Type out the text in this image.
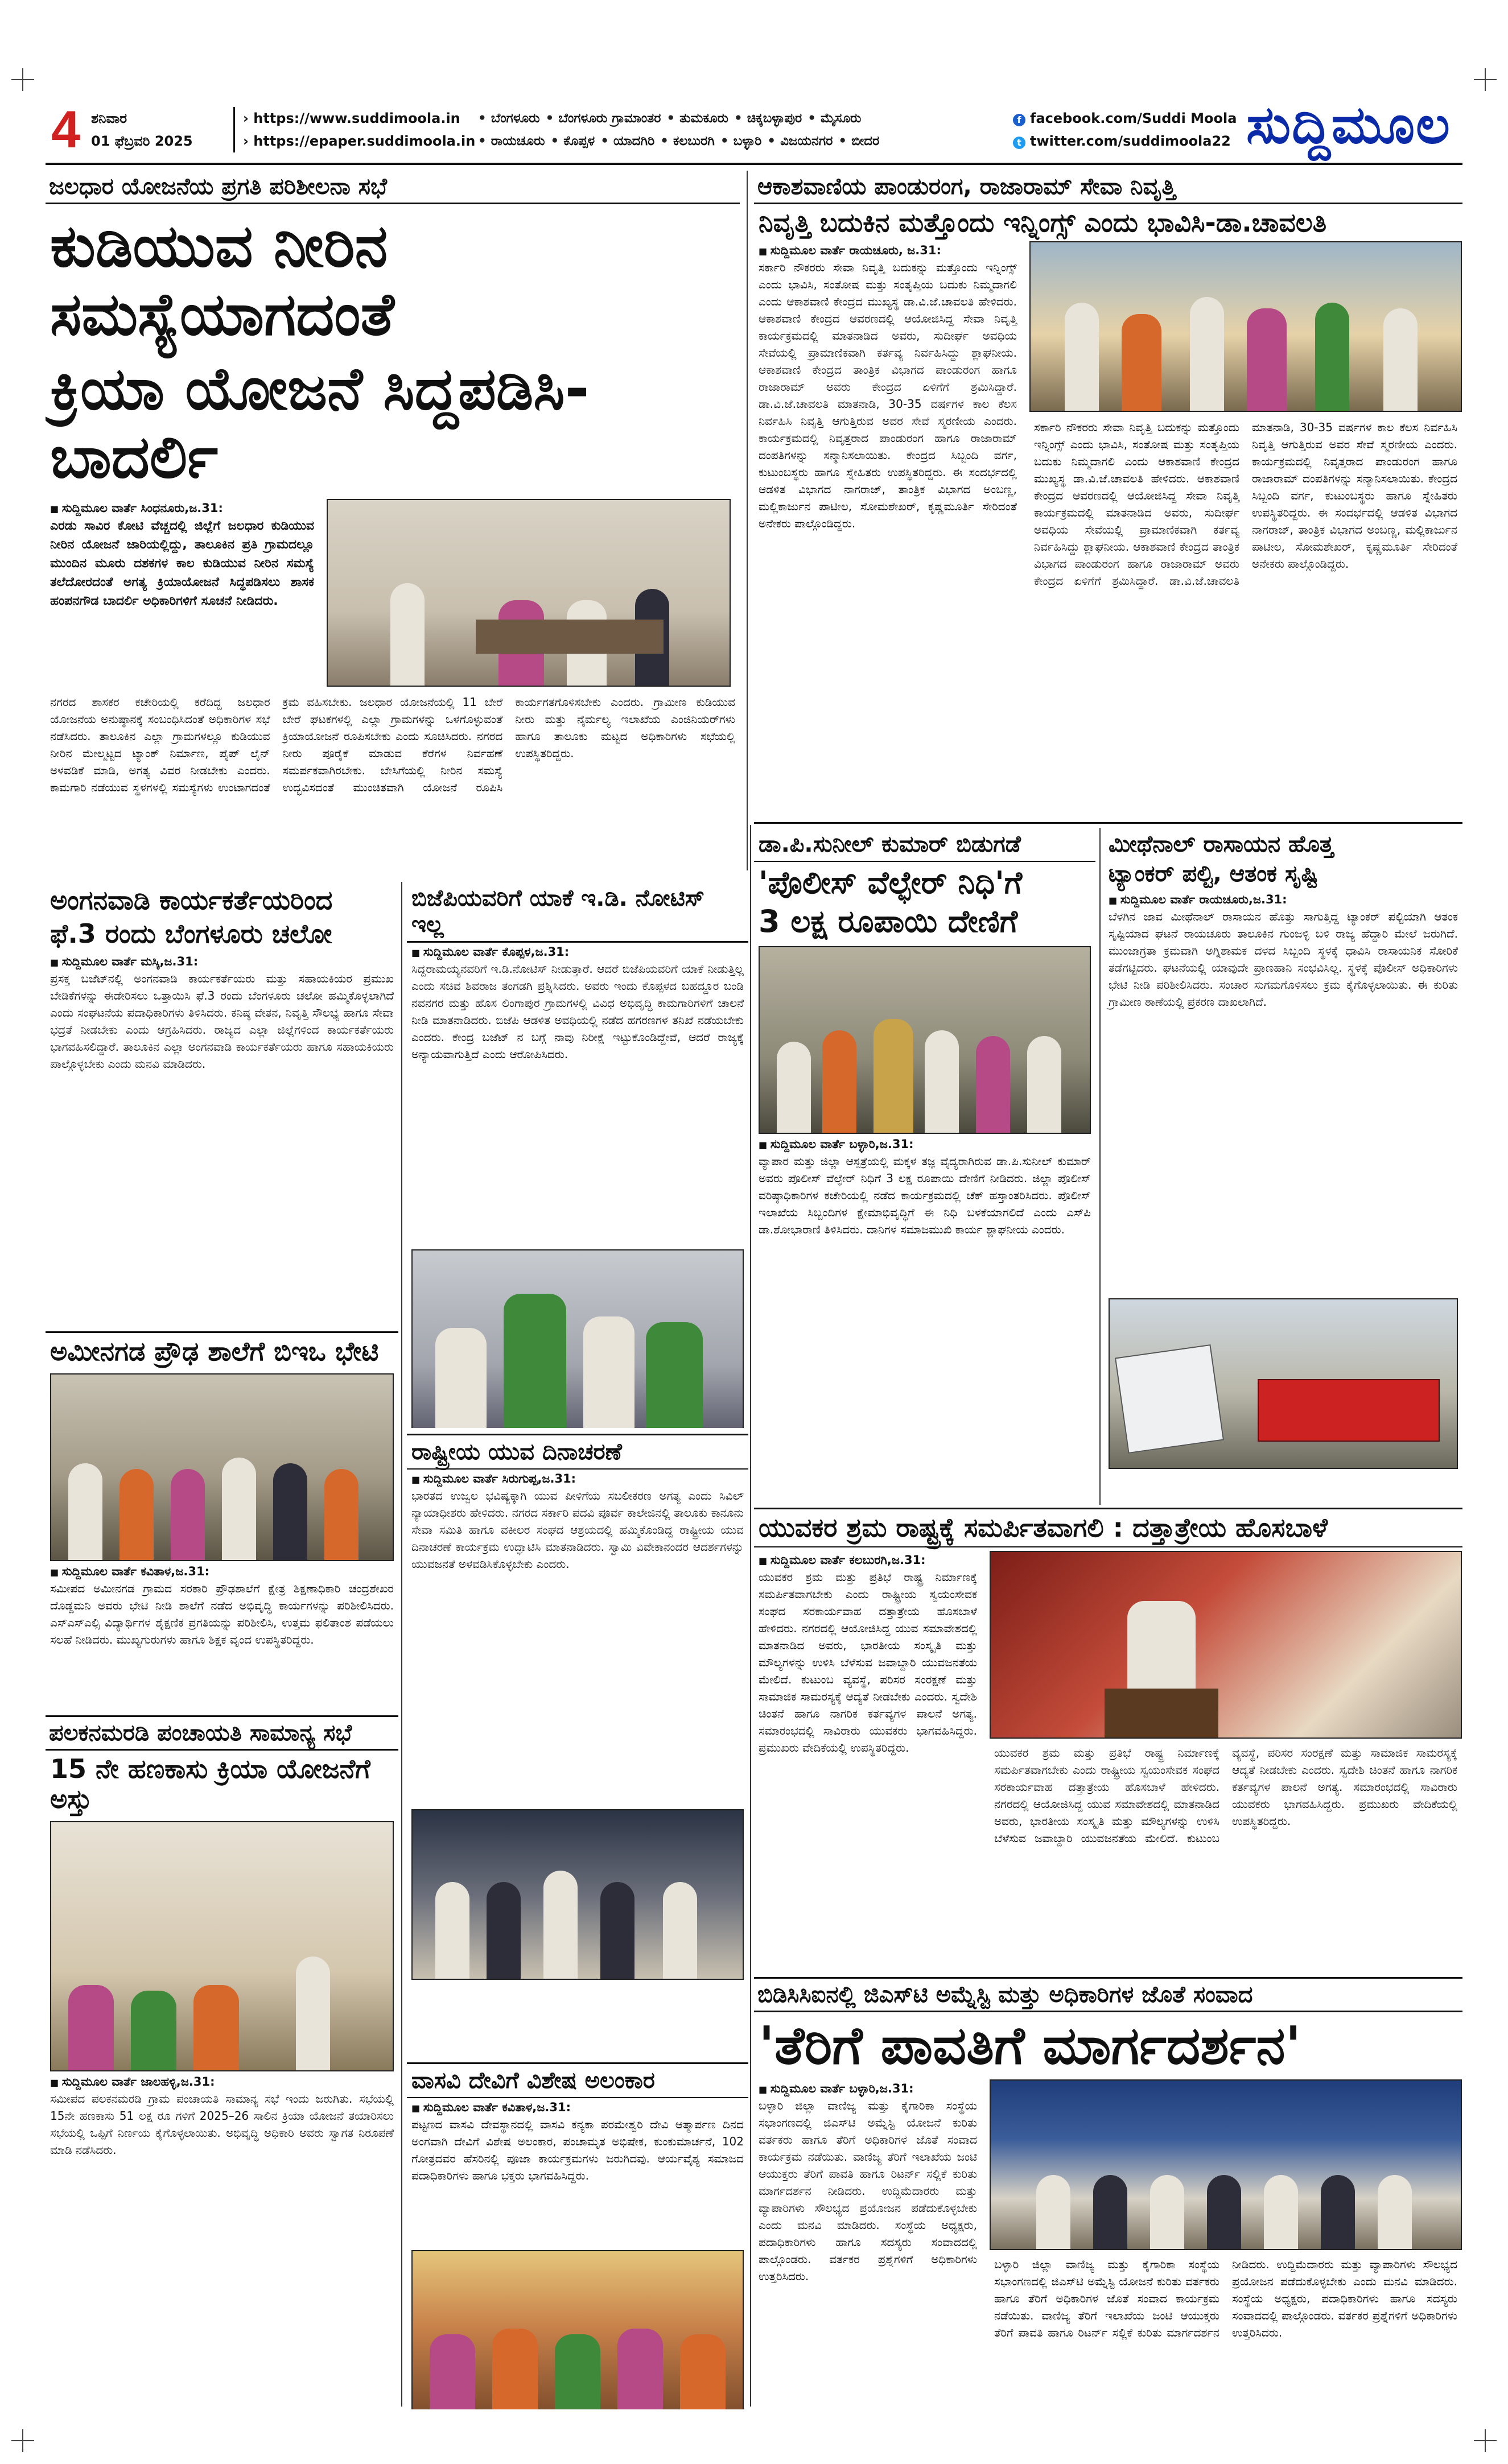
4 ಶನಿವಾರ
01 ಫೆಬ್ರವರಿ 2025
› https://www.suddimoola.in
› https://epaper.suddimoola.in
• ಬೆಂಗಳೂರು • ಬೆಂಗಳೂರು ಗ್ರಾಮಾಂತರ • ತುಮಕೂರು • ಚಿಕ್ಕಬಳ್ಳಾಪುರ • ಮೈಸೂರು
• ರಾಯಚೂರು • ಕೊಪ್ಪಳ • ಯಾದಗಿರಿ • ಕಲಬುರಗಿ • ಬಳ್ಳಾರಿ • ವಿಜಯನಗರ • ಬೀದರ
f facebook.com/Suddi Moola
t twitter.com/suddimoola22 ಸುದ್ದಿಮೂಲ
ಜಲಧಾರ ಯೋಜನೆಯ ಪ್ರಗತಿ ಪರಿಶೀಲನಾ ಸಭೆ
ಕುಡಿಯುವ ನೀರಿನ ಸಮಸ್ಯೆಯಾಗದಂತೆ
ಕ್ರಿಯಾ ಯೋಜನೆ ಸಿದ್ದಪಡಿಸಿ-ಬಾದರ್ಲಿ
■ ಸುದ್ದಿಮೂಲ ವಾರ್ತೆ ಸಿಂಧನೂರು,ಜ.31:
ಎರಡು ಸಾವಿರ ಕೋಟಿ ವೆಚ್ಚದಲ್ಲಿ ಜಿಲ್ಲೆಗೆ ಜಲಧಾರ ಕುಡಿಯುವ ನೀರಿನ ಯೋಜನೆ ಜಾರಿಯಲ್ಲಿದ್ದು, ತಾಲೂಕಿನ ಪ್ರತಿ ಗ್ರಾಮದಲ್ಲೂ ಮುಂದಿನ ಮೂರು ದಶಕಗಳ ಕಾಲ ಕುಡಿಯುವ ನೀರಿನ ಸಮಸ್ಯೆ ತಲೆದೋರದಂತೆ ಅಗತ್ಯ ಕ್ರಿಯಾಯೋಜನೆ ಸಿದ್ಧಪಡಿಸಲು ಶಾಸಕ ಹಂಪನಗೌಡ ಬಾದರ್ಲಿ ಅಧಿಕಾರಿಗಳಿಗೆ ಸೂಚನೆ ನೀಡಿದರು.
ನಗರದ ಶಾಸಕರ ಕಚೇರಿಯಲ್ಲಿ ಕರೆದಿದ್ದ ಜಲಧಾರ ಯೋಜನೆಯ ಅನುಷ್ಠಾನಕ್ಕೆ ಸಂಬಂಧಿಸಿದಂತೆ ಅಧಿಕಾರಿಗಳ ಸಭೆ ನಡೆಸಿದರು. ತಾಲೂಕಿನ ಎಲ್ಲಾ ಗ್ರಾಮಗಳಲ್ಲೂ ಕುಡಿಯುವ ನೀರಿನ ಮೇಲ್ಮಟ್ಟದ ಟ್ಯಾಂಕ್ ನಿರ್ಮಾಣ, ಪೈಪ್ ಲೈನ್ ಅಳವಡಿಕೆ ಮಾಡಿ, ಅಗತ್ಯ ವಿವರ ನೀಡಬೇಕು ಎಂದರು. ಕಾಮಗಾರಿ ನಡೆಯುವ ಸ್ಥಳಗಳಲ್ಲಿ ಸಮಸ್ಯೆಗಳು ಉಂಟಾಗದಂತೆ ಕ್ರಮ ವಹಿಸಬೇಕು. ಜಲಧಾರ ಯೋಜನೆಯಲ್ಲಿ 11 ಬೇರೆ ಬೇರೆ ಘಟಕಗಳಲ್ಲಿ ಎಲ್ಲಾ ಗ್ರಾಮಗಳನ್ನು ಒಳಗೊಳ್ಳುವಂತೆ ಕ್ರಿಯಾಯೋಜನೆ ರೂಪಿಸಬೇಕು ಎಂದು ಸೂಚಿಸಿದರು. ನಗರದ ನೀರು ಪೂರೈಕೆ ಮಾಡುವ ಕೆರೆಗಳ ನಿರ್ವಹಣೆ ಸಮರ್ಪಕವಾಗಿರಬೇಕು. ಬೇಸಿಗೆಯಲ್ಲಿ ನೀರಿನ ಸಮಸ್ಯೆ ಉದ್ಭವಿಸದಂತೆ ಮುಂಚಿತವಾಗಿ ಯೋಜನೆ ರೂಪಿಸಿ ಕಾರ್ಯಗತಗೊಳಿಸಬೇಕು ಎಂದರು. ಗ್ರಾಮೀಣ ಕುಡಿಯುವ ನೀರು ಮತ್ತು ನೈರ್ಮಲ್ಯ ಇಲಾಖೆಯ ಎಂಜಿನಿಯರ್‌ಗಳು ಹಾಗೂ ತಾಲೂಕು ಮಟ್ಟದ ಅಧಿಕಾರಿಗಳು ಸಭೆಯಲ್ಲಿ ಉಪಸ್ಥಿತರಿದ್ದರು.
ಆಕಾಶವಾಣಿಯ ಪಾಂಡುರಂಗ, ರಾಜಾರಾಮ್ ಸೇವಾ ನಿವೃತ್ತಿ
ನಿವೃತ್ತಿ ಬದುಕಿನ ಮತ್ತೊಂದು ಇನ್ನಿಂಗ್ಸ್ ಎಂದು ಭಾವಿಸಿ-ಡಾ.ಚಾವಲತಿ
■ ಸುದ್ದಿಮೂಲ ವಾರ್ತೆ ರಾಯಚೂರು, ಜ.31:
ಸರ್ಕಾರಿ ನೌಕರರು ಸೇವಾ ನಿವೃತ್ತಿ ಬದುಕನ್ನು ಮತ್ತೊಂದು ಇನ್ನಿಂಗ್ಸ್ ಎಂದು ಭಾವಿಸಿ, ಸಂತೋಷ ಮತ್ತು ಸಂತೃಪ್ತಿಯ ಬದುಕು ನಿಮ್ಮದಾಗಲಿ ಎಂದು ಆಕಾಶವಾಣಿ ಕೇಂದ್ರದ ಮುಖ್ಯಸ್ಥ ಡಾ.ವಿ.ಜೆ.ಚಾವಲತಿ ಹೇಳಿದರು. ಆಕಾಶವಾಣಿ ಕೇಂದ್ರದ ಆವರಣದಲ್ಲಿ ಆಯೋಜಿಸಿದ್ದ ಸೇವಾ ನಿವೃತ್ತಿ ಕಾರ್ಯಕ್ರಮದಲ್ಲಿ ಮಾತನಾಡಿದ ಅವರು, ಸುದೀರ್ಘ ಅವಧಿಯ ಸೇವೆಯಲ್ಲಿ ಪ್ರಾಮಾಣಿಕವಾಗಿ ಕರ್ತವ್ಯ ನಿರ್ವಹಿಸಿದ್ದು ಶ್ಲಾಘನೀಯ. ಆಕಾಶವಾಣಿ ಕೇಂದ್ರದ ತಾಂತ್ರಿಕ ವಿಭಾಗದ ಪಾಂಡುರಂಗ ಹಾಗೂ ರಾಜಾರಾಮ್ ಅವರು ಕೇಂದ್ರದ ಏಳಿಗೆಗೆ ಶ್ರಮಿಸಿದ್ದಾರೆ. ಡಾ.ವಿ.ಜೆ.ಚಾವಲತಿ ಮಾತನಾಡಿ, 30-35 ವರ್ಷಗಳ ಕಾಲ ಕೆಲಸ ನಿರ್ವಹಿಸಿ ನಿವೃತ್ತಿ ಆಗುತ್ತಿರುವ ಅವರ ಸೇವೆ ಸ್ಮರಣೀಯ ಎಂದರು. ಕಾರ್ಯಕ್ರಮದಲ್ಲಿ ನಿವೃತ್ತರಾದ ಪಾಂಡುರಂಗ ಹಾಗೂ ರಾಜಾರಾಮ್ ದಂಪತಿಗಳನ್ನು ಸನ್ಮಾನಿಸಲಾಯಿತು. ಕೇಂದ್ರದ ಸಿಬ್ಬಂದಿ ವರ್ಗ, ಕುಟುಂಬಸ್ಥರು ಹಾಗೂ ಸ್ನೇಹಿತರು ಉಪಸ್ಥಿತರಿದ್ದರು. ಈ ಸಂದರ್ಭದಲ್ಲಿ ಆಡಳಿತ ವಿಭಾಗದ ನಾಗರಾಜ್, ತಾಂತ್ರಿಕ ವಿಭಾಗದ ಅಂಬಣ್ಣ, ಮಲ್ಲಿಕಾರ್ಜುನ ಪಾಟೀಲ, ಸೋಮಶೇಖರ್, ಕೃಷ್ಣಮೂರ್ತಿ ಸೇರಿದಂತೆ ಅನೇಕರು ಪಾಲ್ಗೊಂಡಿದ್ದರು.
ಸರ್ಕಾರಿ ನೌಕರರು ಸೇವಾ ನಿವೃತ್ತಿ ಬದುಕನ್ನು ಮತ್ತೊಂದು ಇನ್ನಿಂಗ್ಸ್ ಎಂದು ಭಾವಿಸಿ, ಸಂತೋಷ ಮತ್ತು ಸಂತೃಪ್ತಿಯ ಬದುಕು ನಿಮ್ಮದಾಗಲಿ ಎಂದು ಆಕಾಶವಾಣಿ ಕೇಂದ್ರದ ಮುಖ್ಯಸ್ಥ ಡಾ.ವಿ.ಜೆ.ಚಾವಲತಿ ಹೇಳಿದರು. ಆಕಾಶವಾಣಿ ಕೇಂದ್ರದ ಆವರಣದಲ್ಲಿ ಆಯೋಜಿಸಿದ್ದ ಸೇವಾ ನಿವೃತ್ತಿ ಕಾರ್ಯಕ್ರಮದಲ್ಲಿ ಮಾತನಾಡಿದ ಅವರು, ಸುದೀರ್ಘ ಅವಧಿಯ ಸೇವೆಯಲ್ಲಿ ಪ್ರಾಮಾಣಿಕವಾಗಿ ಕರ್ತವ್ಯ ನಿರ್ವಹಿಸಿದ್ದು ಶ್ಲಾಘನೀಯ. ಆಕಾಶವಾಣಿ ಕೇಂದ್ರದ ತಾಂತ್ರಿಕ ವಿಭಾಗದ ಪಾಂಡುರಂಗ ಹಾಗೂ ರಾಜಾರಾಮ್ ಅವರು ಕೇಂದ್ರದ ಏಳಿಗೆಗೆ ಶ್ರಮಿಸಿದ್ದಾರೆ. ಡಾ.ವಿ.ಜೆ.ಚಾವಲತಿ ಮಾತನಾಡಿ, 30-35 ವರ್ಷಗಳ ಕಾಲ ಕೆಲಸ ನಿರ್ವಹಿಸಿ ನಿವೃತ್ತಿ ಆಗುತ್ತಿರುವ ಅವರ ಸೇವೆ ಸ್ಮರಣೀಯ ಎಂದರು. ಕಾರ್ಯಕ್ರಮದಲ್ಲಿ ನಿವೃತ್ತರಾದ ಪಾಂಡುರಂಗ ಹಾಗೂ ರಾಜಾರಾಮ್ ದಂಪತಿಗಳನ್ನು ಸನ್ಮಾನಿಸಲಾಯಿತು. ಕೇಂದ್ರದ ಸಿಬ್ಬಂದಿ ವರ್ಗ, ಕುಟುಂಬಸ್ಥರು ಹಾಗೂ ಸ್ನೇಹಿತರು ಉಪಸ್ಥಿತರಿದ್ದರು. ಈ ಸಂದರ್ಭದಲ್ಲಿ ಆಡಳಿತ ವಿಭಾಗದ ನಾಗರಾಜ್, ತಾಂತ್ರಿಕ ವಿಭಾಗದ ಅಂಬಣ್ಣ, ಮಲ್ಲಿಕಾರ್ಜುನ ಪಾಟೀಲ, ಸೋಮಶೇಖರ್, ಕೃಷ್ಣಮೂರ್ತಿ ಸೇರಿದಂತೆ ಅನೇಕರು ಪಾಲ್ಗೊಂಡಿದ್ದರು.
ಅಂಗನವಾಡಿ ಕಾರ್ಯಕರ್ತೆಯರಿಂದ
ಫೆ.3 ರಂದು ಬೆಂಗಳೂರು ಚಲೋ
■ ಸುದ್ದಿಮೂಲ ವಾರ್ತೆ ಮಸ್ಕಿ,ಜ.31:
ಪ್ರಸಕ್ತ ಬಜೆಟ್‌ನಲ್ಲಿ ಅಂಗನವಾಡಿ ಕಾರ್ಯಕರ್ತೆಯರು ಮತ್ತು ಸಹಾಯಕಿಯರ ಪ್ರಮುಖ ಬೇಡಿಕೆಗಳನ್ನು ಈಡೇರಿಸಲು ಒತ್ತಾಯಿಸಿ ಫೆ.3 ರಂದು ಬೆಂಗಳೂರು ಚಲೋ ಹಮ್ಮಿಕೊಳ್ಳಲಾಗಿದೆ ಎಂದು ಸಂಘಟನೆಯ ಪದಾಧಿಕಾರಿಗಳು ತಿಳಿಸಿದರು. ಕನಿಷ್ಠ ವೇತನ, ನಿವೃತ್ತಿ ಸೌಲಭ್ಯ ಹಾಗೂ ಸೇವಾ ಭದ್ರತೆ ನೀಡಬೇಕು ಎಂದು ಆಗ್ರಹಿಸಿದರು. ರಾಜ್ಯದ ಎಲ್ಲಾ ಜಿಲ್ಲೆಗಳಿಂದ ಕಾರ್ಯಕರ್ತೆಯರು ಭಾಗವಹಿಸಲಿದ್ದಾರೆ. ತಾಲೂಕಿನ ಎಲ್ಲಾ ಅಂಗನವಾಡಿ ಕಾರ್ಯಕರ್ತೆಯರು ಹಾಗೂ ಸಹಾಯಕಿಯರು ಪಾಲ್ಗೊಳ್ಳಬೇಕು ಎಂದು ಮನವಿ ಮಾಡಿದರು.
ಬಿಜೆಪಿಯವರಿಗೆ ಯಾಕೆ ಇ.ಡಿ. ನೋಟಿಸ್ ಇಲ್ಲ
■ ಸುದ್ದಿಮೂಲ ವಾರ್ತೆ ಕೊಪ್ಪಳ,ಜ.31:
ಸಿದ್ದರಾಮಯ್ಯನವರಿಗೆ ಇ.ಡಿ.ನೋಟಿಸ್ ನೀಡುತ್ತಾರೆ. ಆದರೆ ಬಿಜೆಪಿಯವರಿಗೆ ಯಾಕೆ ನೀಡುತ್ತಿಲ್ಲ ಎಂದು ಸಚಿವ ಶಿವರಾಜ ತಂಗಡಗಿ ಪ್ರಶ್ನಿಸಿದರು. ಅವರು ಇಂದು ಕೊಪ್ಪಳದ ಬಹದ್ದೂರ ಬಂಡಿ ನವನಗರ ಮತ್ತು ಹೊಸ ಲಿಂಗಾಪುರ ಗ್ರಾಮಗಳಲ್ಲಿ ವಿವಿಧ ಅಭಿವೃದ್ಧಿ ಕಾಮಗಾರಿಗಳಿಗೆ ಚಾಲನೆ ನೀಡಿ ಮಾತನಾಡಿದರು. ಬಿಜೆಪಿ ಆಡಳಿತ ಅವಧಿಯಲ್ಲಿ ನಡೆದ ಹಗರಣಗಳ ತನಿಖೆ ನಡೆಯಬೇಕು ಎಂದರು. ಕೇಂದ್ರ ಬಜೆಟ್ ನ ಬಗ್ಗೆ ನಾವು ನಿರೀಕ್ಷೆ ಇಟ್ಟುಕೊಂಡಿದ್ದೇವೆ, ಆದರೆ ರಾಜ್ಯಕ್ಕೆ ಅನ್ಯಾಯವಾಗುತ್ತಿದೆ ಎಂದು ಆರೋಪಿಸಿದರು.
ಅಮೀನಗಡ ಪ್ರೌಢ ಶಾಲೆಗೆ ಬಿಇಒ ಭೇಟಿ
■ ಸುದ್ದಿಮೂಲ ವಾರ್ತೆ ಕವಿತಾಳ,ಜ.31:
ಸಮೀಪದ ಅಮೀನಗಡ ಗ್ರಾಮದ ಸರಕಾರಿ ಪ್ರೌಢಶಾಲೆಗೆ ಕ್ಷೇತ್ರ ಶಿಕ್ಷಣಾಧಿಕಾರಿ ಚಂದ್ರಶೇಖರ ದೊಡ್ಡಮನಿ ಅವರು ಭೇಟಿ ನೀಡಿ ಶಾಲೆಗೆ ನಡೆದ ಅಭಿವೃದ್ಧಿ ಕಾರ್ಯಗಳನ್ನು ಪರಿಶೀಲಿಸಿದರು. ಎಸ್ಎಸ್ಎಲ್ಸಿ ವಿದ್ಯಾರ್ಥಿಗಳ ಶೈಕ್ಷಣಿಕ ಪ್ರಗತಿಯನ್ನು ಪರಿಶೀಲಿಸಿ, ಉತ್ತಮ ಫಲಿತಾಂಶ ಪಡೆಯಲು ಸಲಹೆ ನೀಡಿದರು. ಮುಖ್ಯಗುರುಗಳು ಹಾಗೂ ಶಿಕ್ಷಕ ವೃಂದ ಉಪಸ್ಥಿತರಿದ್ದರು.
ಪಲಕನಮರಡಿ ಪಂಚಾಯತಿ ಸಾಮಾನ್ಯ ಸಭೆ
15 ನೇ ಹಣಕಾಸು ಕ್ರಿಯಾ ಯೋಜನೆಗೆ ಅಸ್ತು
■ ಸುದ್ದಿಮೂಲ ವಾರ್ತೆ ಜಾಲಹಳ್ಳಿ,ಜ.31:
ಸಮೀಪದ ಪಲಕನಮರಡಿ ಗ್ರಾಮ ಪಂಚಾಯತಿ ಸಾಮಾನ್ಯ ಸಭೆ ಇಂದು ಜರುಗಿತು. ಸಭೆಯಲ್ಲಿ 15ನೇ ಹಣಕಾಸು 51 ಲಕ್ಷ ರೂ ಗಳಿಗೆ 2025–26 ಸಾಲಿನ ಕ್ರಿಯಾ ಯೋಜನೆ ತಯಾರಿಸಲು ಸಭೆಯಲ್ಲಿ ಒಪ್ಪಿಗೆ ನಿರ್ಣಯ ಕೈಗೊಳ್ಳಲಾಯಿತು. ಅಭಿವೃದ್ಧಿ ಅಧಿಕಾರಿ ಅವರು ಸ್ವಾಗತ ನಿರೂಪಣೆ ಮಾಡಿ ನಡೆಸಿದರು.
ಡಾ.ಪಿ.ಸುನೀಲ್ ಕುಮಾರ್ ಬಿಡುಗಡೆ
'ಪೊಲೀಸ್ ವೆಲ್ಫೇರ್ ನಿಧಿ'ಗೆ
3 ಲಕ್ಷ ರೂಪಾಯಿ ದೇಣಿಗೆ
■ ಸುದ್ದಿಮೂಲ ವಾರ್ತೆ ಬಳ್ಳಾರಿ,ಜ.31:
ವ್ಯಾಪಾರ ಮತ್ತು ಜಿಲ್ಲಾ ಆಸ್ಪತ್ರೆಯಲ್ಲಿ ಮಕ್ಕಳ ತಜ್ಞ ವೈದ್ಯರಾಗಿರುವ ಡಾ.ಪಿ.ಸುನೀಲ್ ಕುಮಾರ್ ಅವರು ಪೊಲೀಸ್ ವೆಲ್ಫೇರ್ ನಿಧಿಗೆ 3 ಲಕ್ಷ ರೂಪಾಯಿ ದೇಣಿಗೆ ನೀಡಿದರು. ಜಿಲ್ಲಾ ಪೊಲೀಸ್ ವರಿಷ್ಠಾಧಿಕಾರಿಗಳ ಕಚೇರಿಯಲ್ಲಿ ನಡೆದ ಕಾರ್ಯಕ್ರಮದಲ್ಲಿ ಚೆಕ್ ಹಸ್ತಾಂತರಿಸಿದರು. ಪೊಲೀಸ್ ಇಲಾಖೆಯ ಸಿಬ್ಬಂದಿಗಳ ಕ್ಷೇಮಾಭಿವೃದ್ಧಿಗೆ ಈ ನಿಧಿ ಬಳಕೆಯಾಗಲಿದೆ ಎಂದು ಎಸ್‌ಪಿ ಡಾ.ಶೋಭಾರಾಣಿ ತಿಳಿಸಿದರು. ದಾನಿಗಳ ಸಮಾಜಮುಖಿ ಕಾರ್ಯ ಶ್ಲಾಘನೀಯ ಎಂದರು.
ಮೀಥೆನಾಲ್ ರಾಸಾಯನ ಹೊತ್ತ
ಟ್ಯಾಂಕರ್ ಪಲ್ಟಿ, ಆತಂಕ ಸೃಷ್ಟಿ
■ ಸುದ್ದಿಮೂಲ ವಾರ್ತೆ ರಾಯಚೂರು,ಜ.31:
ಬೆಳಗಿನ ಜಾವ ಮೀಥೆನಾಲ್ ರಾಸಾಯನ ಹೊತ್ತು ಸಾಗುತ್ತಿದ್ದ ಟ್ಯಾಂಕರ್ ಪಲ್ಟಿಯಾಗಿ ಆತಂಕ ಸೃಷ್ಟಿಯಾದ ಘಟನೆ ರಾಯಚೂರು ತಾಲೂಕಿನ ಗುಂಜಳ್ಳಿ ಬಳಿ ರಾಜ್ಯ ಹೆದ್ದಾರಿ ಮೇಲೆ ಜರುಗಿದೆ. ಮುಂಜಾಗ್ರತಾ ಕ್ರಮವಾಗಿ ಅಗ್ನಿಶಾಮಕ ದಳದ ಸಿಬ್ಬಂದಿ ಸ್ಥಳಕ್ಕೆ ಧಾವಿಸಿ ರಾಸಾಯನಿಕ ಸೋರಿಕೆ ತಡೆಗಟ್ಟಿದರು. ಘಟನೆಯಲ್ಲಿ ಯಾವುದೇ ಪ್ರಾಣಹಾನಿ ಸಂಭವಿಸಿಲ್ಲ. ಸ್ಥಳಕ್ಕೆ ಪೊಲೀಸ್ ಅಧಿಕಾರಿಗಳು ಭೇಟಿ ನೀಡಿ ಪರಿಶೀಲಿಸಿದರು. ಸಂಚಾರ ಸುಗಮಗೊಳಿಸಲು ಕ್ರಮ ಕೈಗೊಳ್ಳಲಾಯಿತು. ಈ ಕುರಿತು ಗ್ರಾಮೀಣ ಠಾಣೆಯಲ್ಲಿ ಪ್ರಕರಣ ದಾಖಲಾಗಿದೆ.
ರಾಷ್ಟ್ರೀಯ ಯುವ ದಿನಾಚರಣೆ
■ ಸುದ್ದಿಮೂಲ ವಾರ್ತೆ ಸಿರುಗುಪ್ಪ,ಜ.31:
ಭಾರತದ ಉಜ್ವಲ ಭವಿಷ್ಯಕ್ಕಾಗಿ ಯುವ ಪೀಳಿಗೆಯ ಸಬಲೀಕರಣ ಅಗತ್ಯ ಎಂದು ಸಿವಿಲ್ ನ್ಯಾಯಾಧೀಶರು ಹೇಳಿದರು. ನಗರದ ಸರ್ಕಾರಿ ಪದವಿ ಪೂರ್ವ ಕಾಲೇಜಿನಲ್ಲಿ ತಾಲೂಕು ಕಾನೂನು ಸೇವಾ ಸಮಿತಿ ಹಾಗೂ ವಕೀಲರ ಸಂಘದ ಆಶ್ರಯದಲ್ಲಿ ಹಮ್ಮಿಕೊಂಡಿದ್ದ ರಾಷ್ಟ್ರೀಯ ಯುವ ದಿನಾಚರಣೆ ಕಾರ್ಯಕ್ರಮ ಉದ್ಘಾಟಿಸಿ ಮಾತನಾಡಿದರು. ಸ್ವಾಮಿ ವಿವೇಕಾನಂದರ ಆದರ್ಶಗಳನ್ನು ಯುವಜನತೆ ಅಳವಡಿಸಿಕೊಳ್ಳಬೇಕು ಎಂದರು.
ಯುವಕರ ಶ್ರಮ ರಾಷ್ಟ್ರಕ್ಕೆ ಸಮರ್ಪಿತವಾಗಲಿ : ದತ್ತಾತ್ರೇಯ ಹೊಸಬಾಳೆ
■ ಸುದ್ದಿಮೂಲ ವಾರ್ತೆ ಕಲಬುರಗಿ,ಜ.31:
ಯುವಕರ ಶ್ರಮ ಮತ್ತು ಪ್ರತಿಭೆ ರಾಷ್ಟ್ರ ನಿರ್ಮಾಣಕ್ಕೆ ಸಮರ್ಪಿತವಾಗಬೇಕು ಎಂದು ರಾಷ್ಟ್ರೀಯ ಸ್ವಯಂಸೇವಕ ಸಂಘದ ಸರಕಾರ್ಯವಾಹ ದತ್ತಾತ್ರೇಯ ಹೊಸಬಾಳೆ ಹೇಳಿದರು. ನಗರದಲ್ಲಿ ಆಯೋಜಿಸಿದ್ದ ಯುವ ಸಮಾವೇಶದಲ್ಲಿ ಮಾತನಾಡಿದ ಅವರು, ಭಾರತೀಯ ಸಂಸ್ಕೃತಿ ಮತ್ತು ಮೌಲ್ಯಗಳನ್ನು ಉಳಿಸಿ ಬೆಳೆಸುವ ಜವಾಬ್ದಾರಿ ಯುವಜನತೆಯ ಮೇಲಿದೆ. ಕುಟುಂಬ ವ್ಯವಸ್ಥೆ, ಪರಿಸರ ಸಂರಕ್ಷಣೆ ಮತ್ತು ಸಾಮಾಜಿಕ ಸಾಮರಸ್ಯಕ್ಕೆ ಆದ್ಯತೆ ನೀಡಬೇಕು ಎಂದರು. ಸ್ವದೇಶಿ ಚಿಂತನೆ ಹಾಗೂ ನಾಗರಿಕ ಕರ್ತವ್ಯಗಳ ಪಾಲನೆ ಅಗತ್ಯ. ಸಮಾರಂಭದಲ್ಲಿ ಸಾವಿರಾರು ಯುವಕರು ಭಾಗವಹಿಸಿದ್ದರು. ಪ್ರಮುಖರು ವೇದಿಕೆಯಲ್ಲಿ ಉಪಸ್ಥಿತರಿದ್ದರು.	ಯುವಕರ ಶ್ರಮ ಮತ್ತು ಪ್ರತಿಭೆ ರಾಷ್ಟ್ರ ನಿರ್ಮಾಣಕ್ಕೆ ಸಮರ್ಪಿತವಾಗಬೇಕು ಎಂದು ರಾಷ್ಟ್ರೀಯ ಸ್ವಯಂಸೇವಕ ಸಂಘದ ಸರಕಾರ್ಯವಾಹ ದತ್ತಾತ್ರೇಯ ಹೊಸಬಾಳೆ ಹೇಳಿದರು. ನಗರದಲ್ಲಿ ಆಯೋಜಿಸಿದ್ದ ಯುವ ಸಮಾವೇಶದಲ್ಲಿ ಮಾತನಾಡಿದ ಅವರು, ಭಾರತೀಯ ಸಂಸ್ಕೃತಿ ಮತ್ತು ಮೌಲ್ಯಗಳನ್ನು ಉಳಿಸಿ ಬೆಳೆಸುವ ಜವಾಬ್ದಾರಿ ಯುವಜನತೆಯ ಮೇಲಿದೆ. ಕುಟುಂಬ ವ್ಯವಸ್ಥೆ, ಪರಿಸರ ಸಂರಕ್ಷಣೆ ಮತ್ತು ಸಾಮಾಜಿಕ ಸಾಮರಸ್ಯಕ್ಕೆ ಆದ್ಯತೆ ನೀಡಬೇಕು ಎಂದರು. ಸ್ವದೇಶಿ ಚಿಂತನೆ ಹಾಗೂ ನಾಗರಿಕ ಕರ್ತವ್ಯಗಳ ಪಾಲನೆ ಅಗತ್ಯ. ಸಮಾರಂಭದಲ್ಲಿ ಸಾವಿರಾರು ಯುವಕರು ಭಾಗವಹಿಸಿದ್ದರು. ಪ್ರಮುಖರು ವೇದಿಕೆಯಲ್ಲಿ ಉಪಸ್ಥಿತರಿದ್ದರು.
ವಾಸವಿ ದೇವಿಗೆ ವಿಶೇಷ ಅಲಂಕಾರ
■ ಸುದ್ದಿಮೂಲ ವಾರ್ತೆ ಕವಿತಾಳ,ಜ.31:
ಪಟ್ಟಣದ ವಾಸವಿ ದೇವಸ್ಥಾನದಲ್ಲಿ ವಾಸವಿ ಕನ್ಯಕಾ ಪರಮೇಶ್ವರಿ ದೇವಿ ಆತ್ಮಾರ್ಪಣ ದಿನದ ಅಂಗವಾಗಿ ದೇವಿಗೆ ವಿಶೇಷ ಅಲಂಕಾರ, ಪಂಚಾಮೃತ ಅಭಿಷೇಕ, ಕುಂಕುಮಾರ್ಚನೆ, 102 ಗೋತ್ರದವರ ಹೆಸರಿನಲ್ಲಿ ಪೂಜಾ ಕಾರ್ಯಕ್ರಮಗಳು ಜರುಗಿದವು. ಆರ್ಯವೈಶ್ಯ ಸಮಾಜದ ಪದಾಧಿಕಾರಿಗಳು ಹಾಗೂ ಭಕ್ತರು ಭಾಗವಹಿಸಿದ್ದರು.
ಬಿಡಿಸಿಸಿಐನಲ್ಲಿ ಜಿಎಸ್‌ಟಿ ಅಮ್ನೆಸ್ಟಿ ಮತ್ತು ಅಧಿಕಾರಿಗಳ ಜೊತೆ ಸಂವಾದ
'ತೆರಿಗೆ ಪಾವತಿಗೆ ಮಾರ್ಗದರ್ಶನ'
■ ಸುದ್ದಿಮೂಲ ವಾರ್ತೆ ಬಳ್ಳಾರಿ,ಜ.31:
ಬಳ್ಳಾರಿ ಜಿಲ್ಲಾ ವಾಣಿಜ್ಯ ಮತ್ತು ಕೈಗಾರಿಕಾ ಸಂಸ್ಥೆಯ ಸಭಾಂಗಣದಲ್ಲಿ ಜಿಎಸ್‌ಟಿ ಅಮ್ನೆಸ್ಟಿ ಯೋಜನೆ ಕುರಿತು ವರ್ತಕರು ಹಾಗೂ ತೆರಿಗೆ ಅಧಿಕಾರಿಗಳ ಜೊತೆ ಸಂವಾದ ಕಾರ್ಯಕ್ರಮ ನಡೆಯಿತು. ವಾಣಿಜ್ಯ ತೆರಿಗೆ ಇಲಾಖೆಯ ಜಂಟಿ ಆಯುಕ್ತರು ತೆರಿಗೆ ಪಾವತಿ ಹಾಗೂ ರಿಟರ್ನ್ ಸಲ್ಲಿಕೆ ಕುರಿತು ಮಾರ್ಗದರ್ಶನ ನೀಡಿದರು. ಉದ್ದಿಮೆದಾರರು ಮತ್ತು ವ್ಯಾಪಾರಿಗಳು ಸೌಲಭ್ಯದ ಪ್ರಯೋಜನ ಪಡೆದುಕೊಳ್ಳಬೇಕು ಎಂದು ಮನವಿ ಮಾಡಿದರು. ಸಂಸ್ಥೆಯ ಅಧ್ಯಕ್ಷರು, ಪದಾಧಿಕಾರಿಗಳು ಹಾಗೂ ಸದಸ್ಯರು ಸಂವಾದದಲ್ಲಿ ಪಾಲ್ಗೊಂಡರು. ವರ್ತಕರ ಪ್ರಶ್ನೆಗಳಿಗೆ ಅಧಿಕಾರಿಗಳು ಉತ್ತರಿಸಿದರು.
ಬಳ್ಳಾರಿ ಜಿಲ್ಲಾ ವಾಣಿಜ್ಯ ಮತ್ತು ಕೈಗಾರಿಕಾ ಸಂಸ್ಥೆಯ ಸಭಾಂಗಣದಲ್ಲಿ ಜಿಎಸ್‌ಟಿ ಅಮ್ನೆಸ್ಟಿ ಯೋಜನೆ ಕುರಿತು ವರ್ತಕರು ಹಾಗೂ ತೆರಿಗೆ ಅಧಿಕಾರಿಗಳ ಜೊತೆ ಸಂವಾದ ಕಾರ್ಯಕ್ರಮ ನಡೆಯಿತು. ವಾಣಿಜ್ಯ ತೆರಿಗೆ ಇಲಾಖೆಯ ಜಂಟಿ ಆಯುಕ್ತರು ತೆರಿಗೆ ಪಾವತಿ ಹಾಗೂ ರಿಟರ್ನ್ ಸಲ್ಲಿಕೆ ಕುರಿತು ಮಾರ್ಗದರ್ಶನ ನೀಡಿದರು. ಉದ್ದಿಮೆದಾರರು ಮತ್ತು ವ್ಯಾಪಾರಿಗಳು ಸೌಲಭ್ಯದ ಪ್ರಯೋಜನ ಪಡೆದುಕೊಳ್ಳಬೇಕು ಎಂದು ಮನವಿ ಮಾಡಿದರು. ಸಂಸ್ಥೆಯ ಅಧ್ಯಕ್ಷರು, ಪದಾಧಿಕಾರಿಗಳು ಹಾಗೂ ಸದಸ್ಯರು ಸಂವಾದದಲ್ಲಿ ಪಾಲ್ಗೊಂಡರು. ವರ್ತಕರ ಪ್ರಶ್ನೆಗಳಿಗೆ ಅಧಿಕಾರಿಗಳು ಉತ್ತರಿಸಿದರು.
